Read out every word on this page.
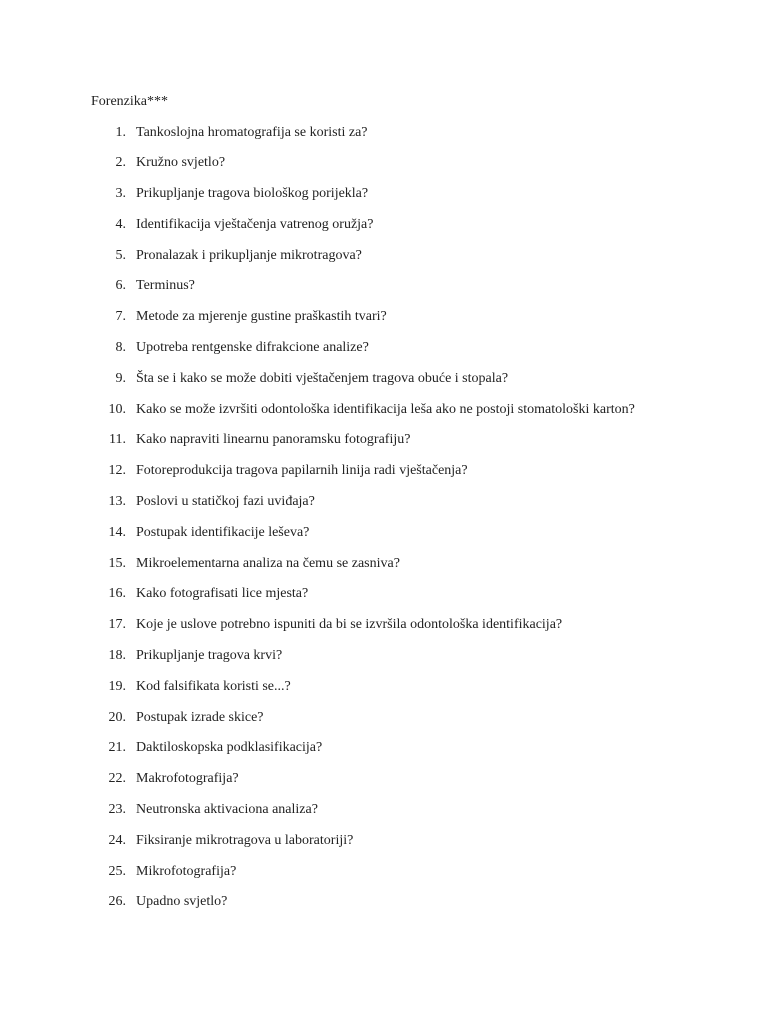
Forenzika***
1. Tankoslojna hromatografija se koristi za?
2. Kružno svjetlo?
3. Prikupljanje tragova biološkog porijekla?
4. Identifikacija vještačenja vatrenog oružja?
5. Pronalazak i prikupljanje mikrotragova?
6. Terminus?
7. Metode za mjerenje gustine praškastih tvari?
8. Upotreba rentgenske difrakcione analize?
9. Šta se i kako se može dobiti vještačenjem tragova obuće i stopala?
10. Kako se može izvršiti odontološka identifikacija leša ako ne postoji stomatološki karton?
11. Kako napraviti linearnu panoramsku fotografiju?
12. Fotoreprodukcija tragova papilarnih linija radi vještačenja?
13. Poslovi u statičkoj fazi uviđaja?
14. Postupak identifikacije leševa?
15. Mikroelementarna analiza na čemu se zasniva?
16. Kako fotografisati lice mjesta?
17. Koje je uslove potrebno ispuniti da bi se izvršila odontološka identifikacija?
18. Prikupljanje tragova krvi?
19. Kod falsifikata koristi se...?
20. Postupak izrade skice?
21. Daktiloskopska podklasifikacija?
22. Makrofotografija?
23. Neutronska aktivaciona analiza?
24. Fiksiranje mikrotragova u laboratoriji?
25. Mikrofotografija?
26. Upadno svjetlo?
